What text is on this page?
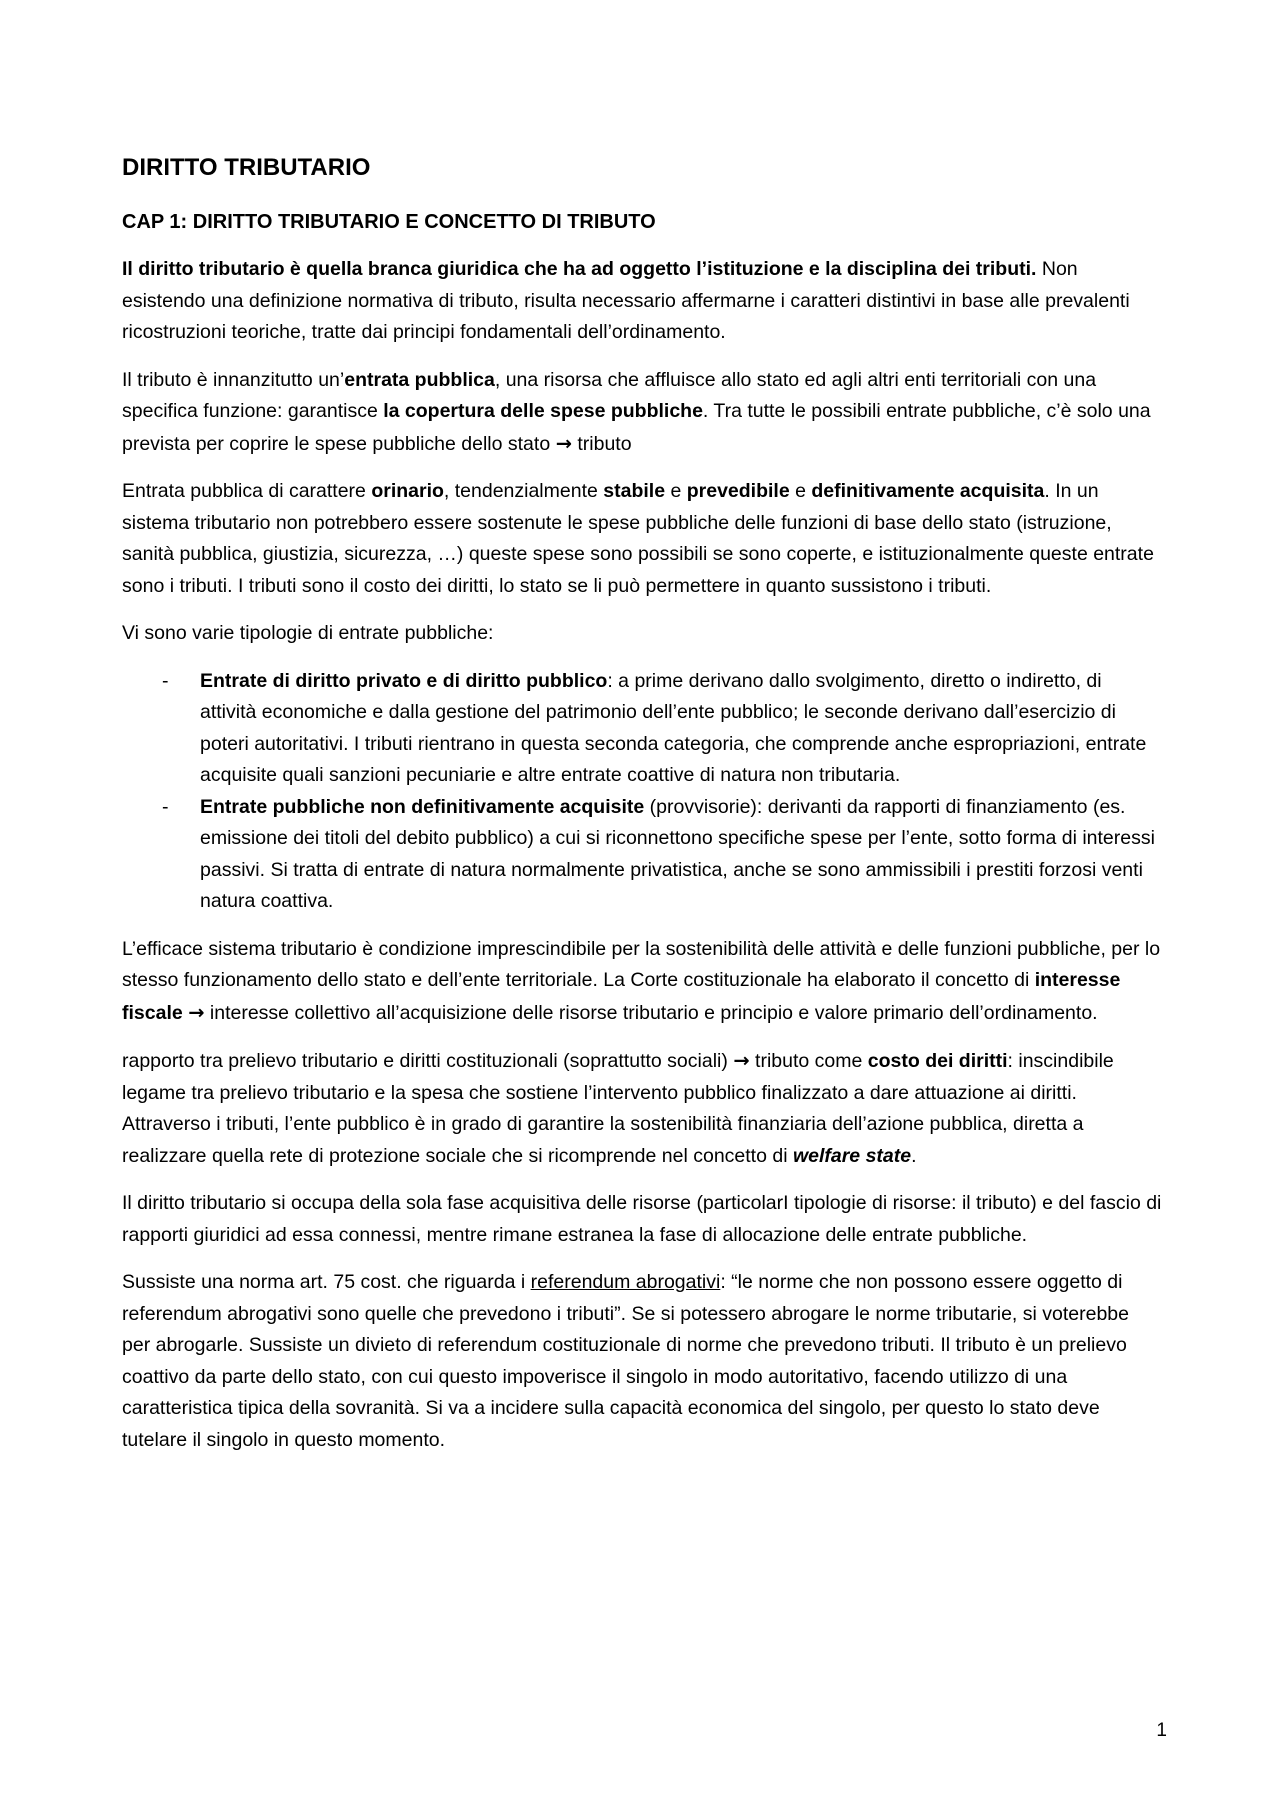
DIRITTO TRIBUTARIO
CAP 1: DIRITTO TRIBUTARIO E CONCETTO DI TRIBUTO

Il diritto tributario è quella branca giuridica che ha ad oggetto l’istituzione e la disciplina dei tributi. Non esistendo una definizione normativa di tributo, risulta necessario affermarne i caratteri distintivi in base alle prevalenti ricostruzioni teoriche, tratte dai principi fondamentali dell’ordinamento.

Il tributo è innanzitutto un’entrata pubblica, una risorsa che affluisce allo stato ed agli altri enti territoriali con una specifica funzione: garantisce la copertura delle spese pubbliche. Tra tutte le possibili entrate pubbliche, c’è solo una prevista per coprire le spese pubbliche dello stato → tributo

Entrata pubblica di carattere orinario, tendenzialmente stabile e prevedibile e definitivamente acquisita. In un sistema tributario non potrebbero essere sostenute le spese pubbliche delle funzioni di base dello stato (istruzione, sanità pubblica, giustizia, sicurezza, …) queste spese sono possibili se sono coperte, e istituzionalmente queste entrate sono i tributi. I tributi sono il costo dei diritti, lo stato se li può permettere in quanto sussistono i tributi.

Vi sono varie tipologie di entrate pubbliche:

- Entrate di diritto privato e di diritto pubblico: a prime derivano dallo svolgimento, diretto o indiretto, di attività economiche e dalla gestione del patrimonio dell’ente pubblico; le seconde derivano dall’esercizio di poteri autoritativi. I tributi rientrano in questa seconda categoria, che comprende anche espropriazioni, entrate acquisite quali sanzioni pecuniarie e altre entrate coattive di natura non tributaria.
- Entrate pubbliche non definitivamente acquisite (provvisorie): derivanti da rapporti di finanziamento (es. emissione dei titoli del debito pubblico) a cui si riconnettono specifiche spese per l’ente, sotto forma di interessi passivi. Si tratta di entrate di natura normalmente privatistica, anche se sono ammissibili i prestiti forzosi venti natura coattiva.

L’efficace sistema tributario è condizione imprescindibile per la sostenibilità delle attività e delle funzioni pubbliche, per lo stesso funzionamento dello stato e dell’ente territoriale. La Corte costituzionale ha elaborato il concetto di interesse fiscale → interesse collettivo all’acquisizione delle risorse tributario e principio e valore primario dell’ordinamento.

rapporto tra prelievo tributario e diritti costituzionali (soprattutto sociali) → tributo come costo dei diritti: inscindibile legame tra prelievo tributario e la spesa che sostiene l’intervento pubblico finalizzato a dare attuazione ai diritti. Attraverso i tributi, l’ente pubblico è in grado di garantire la sostenibilità finanziaria dell’azione pubblica, diretta a realizzare quella rete di protezione sociale che si ricomprende nel concetto di welfare state.

Il diritto tributario si occupa della sola fase acquisitiva delle risorse (particolarI tipologie di risorse: il tributo) e del fascio di rapporti giuridici ad essa connessi, mentre rimane estranea la fase di allocazione delle entrate pubbliche.

Sussiste una norma art. 75 cost. che riguarda i referendum abrogativi: “le norme che non possono essere oggetto di referendum abrogativi sono quelle che prevedono i tributi”. Se si potessero abrogare le norme tributarie, si voterebbe per abrogarle. Sussiste un divieto di referendum costituzionale di norme che prevedono tributi. Il tributo è un prelievo coattivo da parte dello stato, con cui questo impoverisce il singolo in modo autoritativo, facendo utilizzo di una caratteristica tipica della sovranità. Si va a incidere sulla capacità economica del singolo, per questo lo stato deve tutelare il singolo in questo momento.

1
